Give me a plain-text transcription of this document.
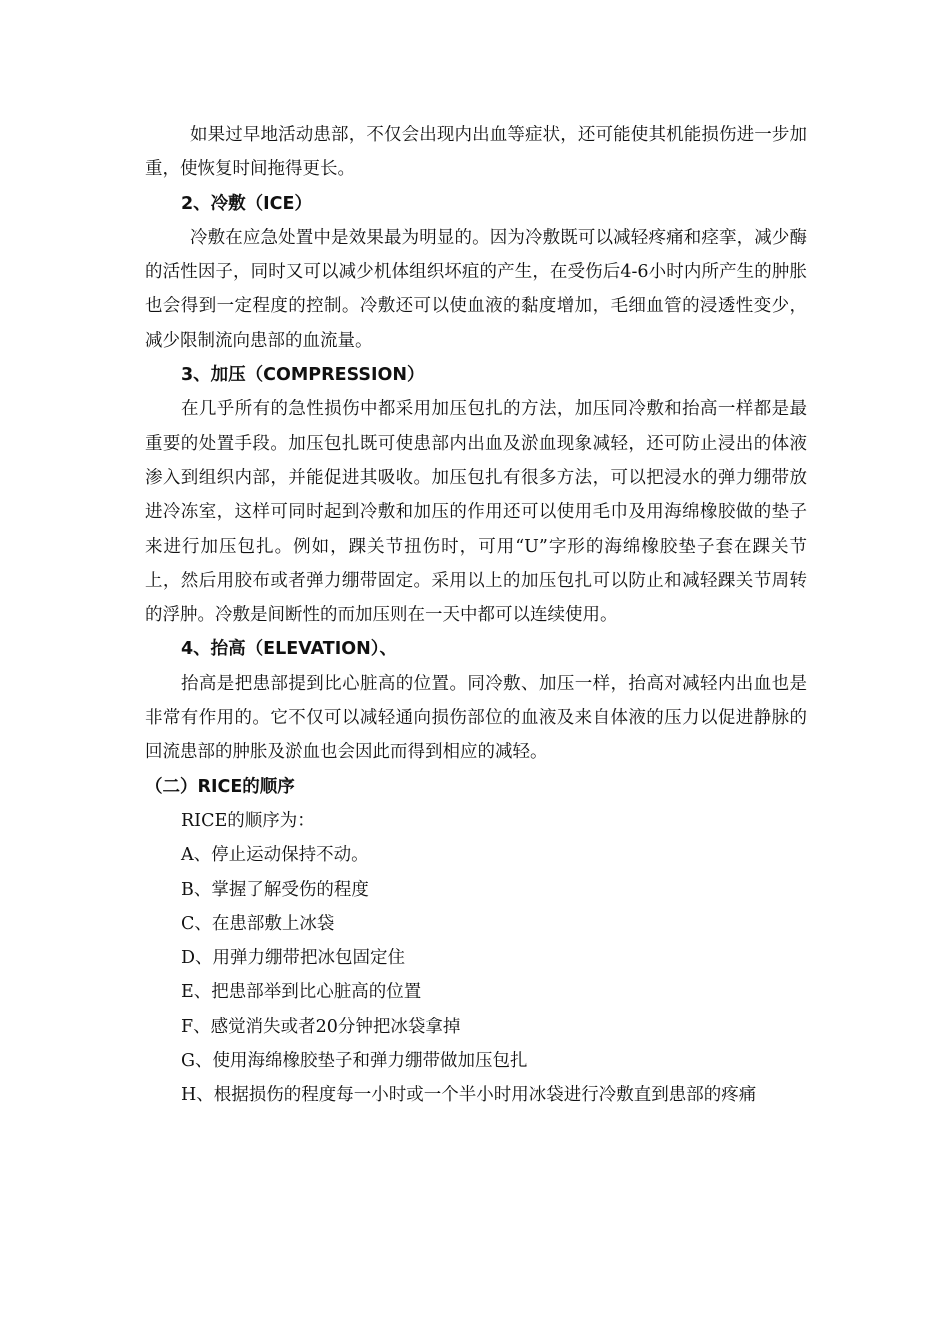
如果过早地活动患部，不仅会出现内出血等症状，还可能使其机能损伤进一步加重，使恢复时间拖得更长。

2、冷敷（ICE）

冷敷在应急处置中是效果最为明显的。因为冷敷既可以减轻疼痛和痉挛，减少酶的活性因子，同时又可以减少机体组织坏疽的产生，在受伤后4-6小时内所产生的肿胀也会得到一定程度的控制。冷敷还可以使血液的黏度增加，毛细血管的浸透性变少，减少限制流向患部的血流量。

3、加压（COMPRESSION）

在几乎所有的急性损伤中都采用加压包扎的方法，加压同冷敷和抬高一样都是最重要的处置手段。加压包扎既可使患部内出血及淤血现象减轻，还可防止浸出的体液渗入到组织内部，并能促进其吸收。加压包扎有很多方法，可以把浸水的弹力绷带放进冷冻室，这样可同时起到冷敷和加压的作用还可以使用毛巾及用海绵橡胶做的垫子来进行加压包扎。例如，踝关节扭伤时，可用“U”字形的海绵橡胶垫子套在踝关节上，然后用胶布或者弹力绷带固定。采用以上的加压包扎可以防止和减轻踝关节周转的浮肿。冷敷是间断性的而加压则在一天中都可以连续使用。

4、抬高（ELEVATION）、

抬高是把患部提到比心脏高的位置。同冷敷、加压一样，抬高对减轻内出血也是非常有作用的。它不仅可以减轻通向损伤部位的血液及来自体液的压力以促进静脉的回流患部的肿胀及淤血也会因此而得到相应的减轻。

（二）RICE的顺序

RICE的顺序为：

A、停止运动保持不动。

B、掌握了解受伤的程度

C、在患部敷上冰袋

D、用弹力绷带把冰包固定住

E、把患部举到比心脏高的位置

F、感觉消失或者20分钟把冰袋拿掉

G、使用海绵橡胶垫子和弹力绷带做加压包扎

H、根据损伤的程度每一小时或一个半小时用冰袋进行冷敷直到患部的疼痛
